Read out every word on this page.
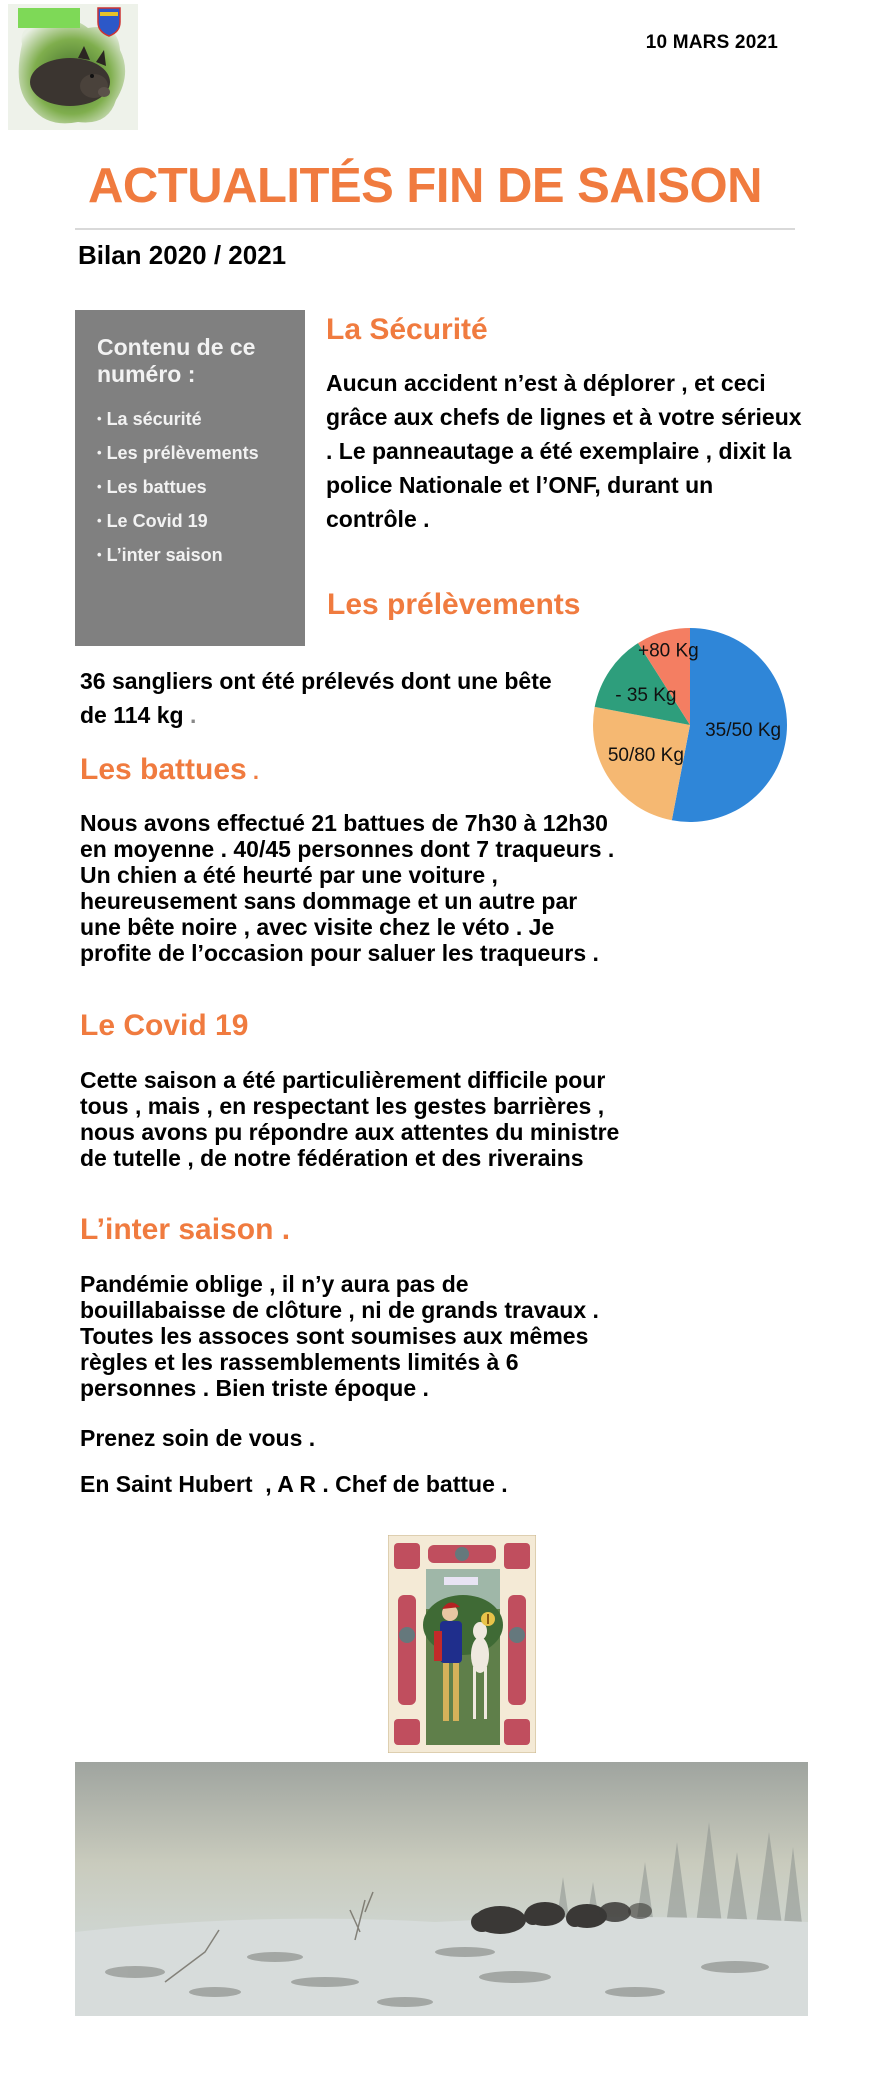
10 MARS 2021
ACTUALITÉS FIN DE SAISON
Bilan 2020 / 2021
Contenu de ce numéro :
• La sécurité
• Les prélèvements
• Les battues
• Le Covid 19
• L’inter saison
La Sécurité
Aucun accident n’est à déplorer , et ceci grâce aux chefs de lignes et à votre sérieux . Le panneautage a été exemplaire , dixit la police Nationale et l’ONF, durant un contrôle .
Les prélèvements
36 sangliers ont été prélevés dont une bête de 114 kg .
35/50 Kg
50/80 Kg
- 35 Kg
+80 Kg
Les battues .
Nous avons effectué 21 battues de 7h30 à 12h30 en moyenne . 40/45 personnes dont 7 traqueurs . Un chien a été heurté par une voiture , heureusement sans dommage et un autre par une bête noire , avec visite chez le véto . Je profite de l’occasion pour saluer les traqueurs .
Le Covid 19
Cette saison a été particulièrement difficile pour tous , mais , en respectant les gestes barrières , nous avons pu répondre aux attentes du ministre de tutelle , de notre fédération et des riverains
L’inter saison .
Pandémie oblige , il n’y aura pas de bouillabaisse de clôture , ni de grands travaux . Toutes les assoces sont soumises aux mêmes règles et les rassemblements limités à 6 personnes . Bien triste époque .
Prenez soin de vous .
En Saint Hubert  , A R . Chef de battue .
